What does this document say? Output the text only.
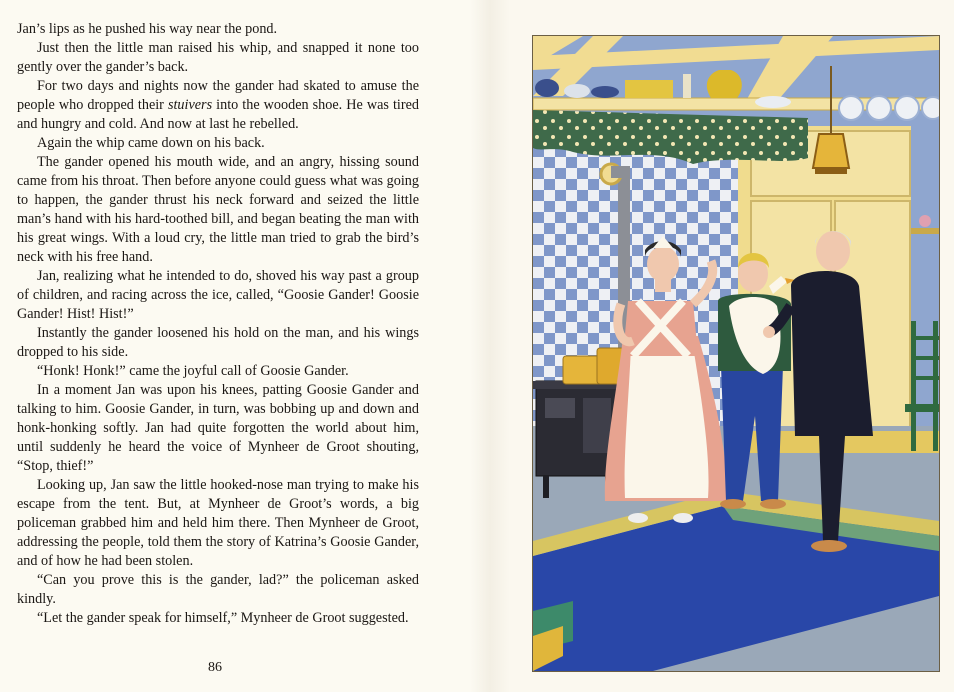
Jan’s lips as he pushed his way near the pond.

Just then the little man raised his whip, and snapped it none too gently over the gander’s back.

For two days and nights now the gander had skated to amuse the people who dropped their stuivers into the wooden shoe. He was tired and hungry and cold. And now at last he rebelled.

Again the whip came down on his back.

The gander opened his mouth wide, and an angry, hissing sound came from his throat. Then before anyone could guess what was going to happen, the gander thrust his neck forward and seized the little man’s hand with his hard-toothed bill, and began beating the man with his great wings. With a loud cry, the little man tried to grab the bird’s neck with his free hand.

Jan, realizing what he intended to do, shoved his way past a group of children, and racing across the ice, called, “Goosie Gander! Goosie Gander! Hist! Hist!”

Instantly the gander loosened his hold on the man, and his wings dropped to his side.

“Honk! Honk!” came the joyful call of Goosie Gander.

In a moment Jan was upon his knees, patting Goosie Gander and talking to him. Goosie Gander, in turn, was bobbing up and down and honk-honking softly. Jan had quite forgotten the world about him, until suddenly he heard the voice of Mynheer de Groot shouting, “Stop, thief!”

Looking up, Jan saw the little hooked-nose man trying to make his escape from the tent. But, at Mynheer de Groot’s words, a big policeman grabbed him and held him there. Then Mynheer de Groot, addressing the people, told them the story of Katrina’s Goosie Gander, and of how he had been stolen.

“Can you prove this is the gander, lad?” the policeman asked kindly.

“Let the gander speak for himself,” Mynheer de Groot suggested.

86
